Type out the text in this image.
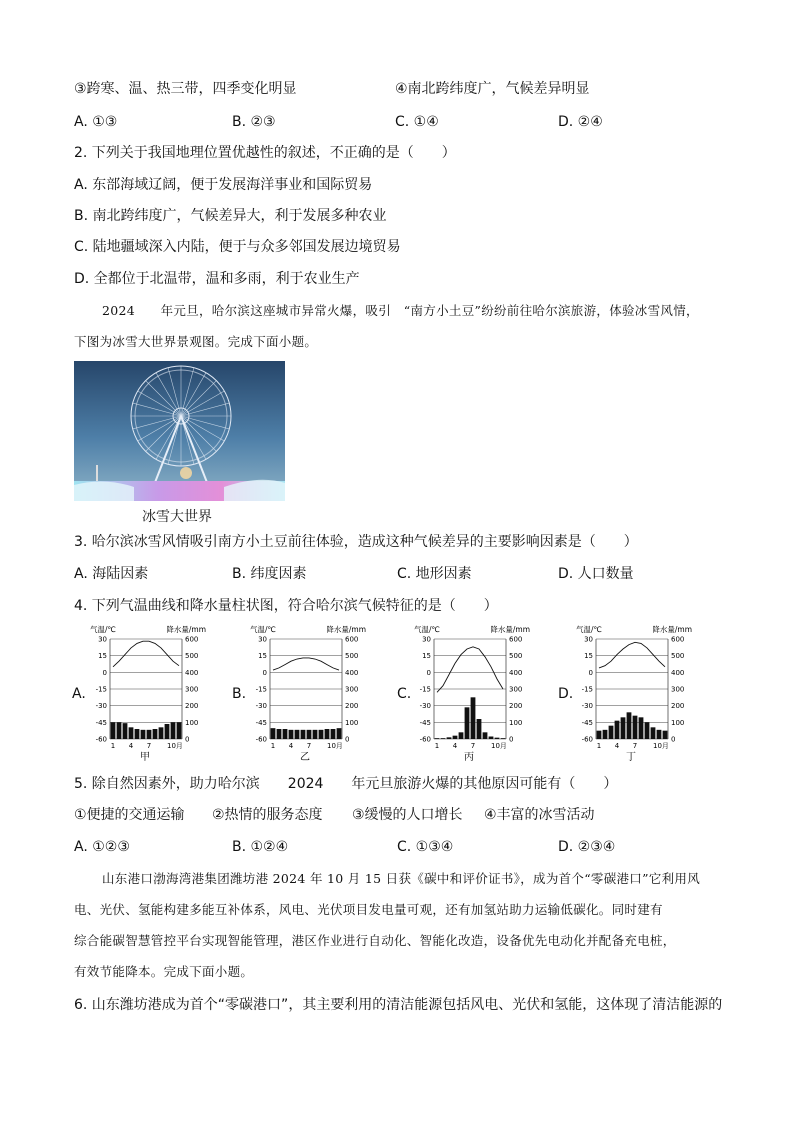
③跨寒、温、热三带，四季变化明显	④南北跨纬度广，气候差异明显
A. ①③	B. ②③	C. ①④	D. ②④
2. 下列关于我国地理位置优越性的叙述，不正确的是（　　）
A. 东部海域辽阔，便于发展海洋事业和国际贸易
B. 南北跨纬度广，气候差异大，利于发展多种农业
C. 陆地疆域深入内陆，便于与众多邻国发展边境贸易
D. 全都位于北温带，温和多雨，利于农业生产
2024　　年元旦，哈尔滨这座城市异常火爆，吸引　“南方小土豆”纷纷前往哈尔滨旅游，体验冰雪风情，
下图为冰雪大世界景观图。完成下面小题。
冰雪大世界
3. 哈尔滨冰雪风情吸引南方小土豆前往体验，造成这种气候差异的主要影响因素是（　　）
A. 海陆因素	B. 纬度因素	C. 地形因素	D. 人口数量
4. 下列气温曲线和降水量柱状图，符合哈尔滨气候特征的是（　　）
A.
气温/℃	降水量/mm
30	600
15	500
0	400
-15	300
-30	200
-45	100
-60	0
1 4 7 10月
甲
B.
气温/℃	降水量/mm
30	600
15	500
0	400
-15	300
-30	200
-45	100
-60	0
1 4 7 10月
乙
C.
气温/℃	降水量/mm
30	600
15	500
0	400
-15	300
-30	200
-45	100
-60	0
1 4 7 10月
丙
D.
气温/℃	降水量/mm
30	600
15	500
0	400
-15	300
-30	200
-45	100
-60	0
1 4 7 10月
丁
5. 除自然因素外，助力哈尔滨　　2024　　年元旦旅游火爆的其他原因可能有（　　）
①便捷的交通运输 ②热情的服务态度 ③缓慢的人口增长 ④丰富的冰雪活动
A. ①②③	B. ①②④	C. ①③④	D. ②③④
山东港口渤海湾港集团潍坊港 2024 年 10 月 15 日获《碳中和评价证书》，成为首个“零碳港口”它利用风
电、光伏、氢能构建多能互补体系，风电、光伏项目发电量可观，还有加氢站助力运输低碳化。同时建有
综合能碳智慧管控平台实现智能管理，港区作业进行自动化、智能化改造，设备优先电动化并配备充电桩，
有效节能降本。完成下面小题。
6. 山东潍坊港成为首个“零碳港口”，其主要利用的清洁能源包括风电、光伏和氢能，这体现了清洁能源的
